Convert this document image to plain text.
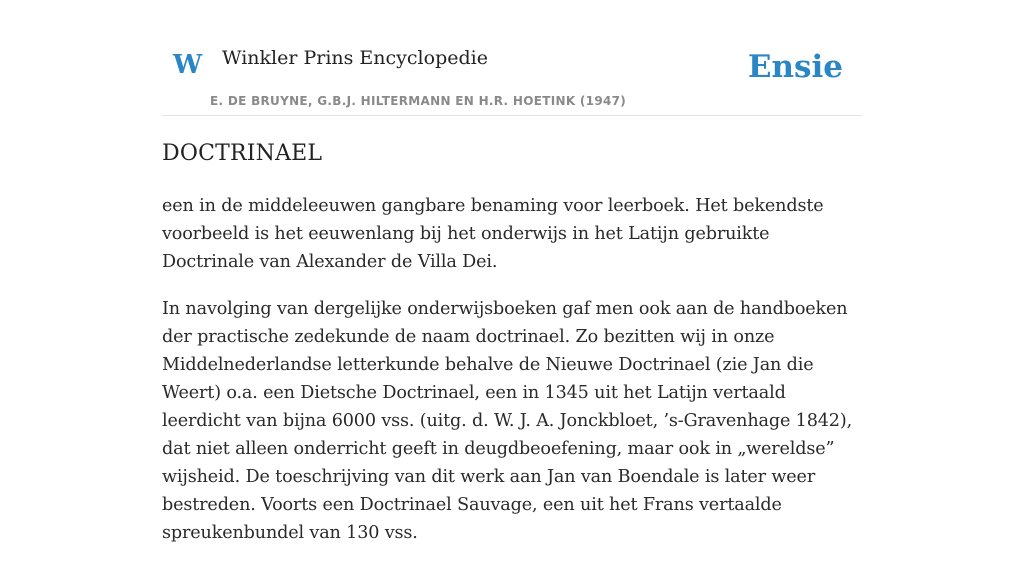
W Winkler Prins Encyclopedie
E. DE BRUYNE, G.B.J. HILTERMANN EN H.R. HOETINK (1947)
Ensie
DOCTRINAEL

een in de middeleeuwen gangbare benaming voor leerboek. Het bekendste voorbeeld is het eeuwenlang bij het onderwijs in het Latijn gebruikte Doctrinale van Alexander de Villa Dei.

In navolging van dergelijke onderwijsboeken gaf men ook aan de handboeken der practische zedekunde de naam doctrinael. Zo bezitten wij in onze Middelnederlandse letterkunde behalve de Nieuwe Doctrinael (zie Jan die Weert) o.a. een Dietsche Doctrinael, een in 1345 uit het Latijn vertaald leerdicht van bijna 6000 vss. (uitg. d. W. J. A. Jonckbloet, ’s-Gravenhage 1842), dat niet alleen onderricht geeft in deugdbeoefening, maar ook in „wereldse” wijsheid. De toeschrijving van dit werk aan Jan van Boendale is later weer bestreden. Voorts een Doctrinael Sauvage, een uit het Frans vertaalde spreukenbundel van 130 vss.
